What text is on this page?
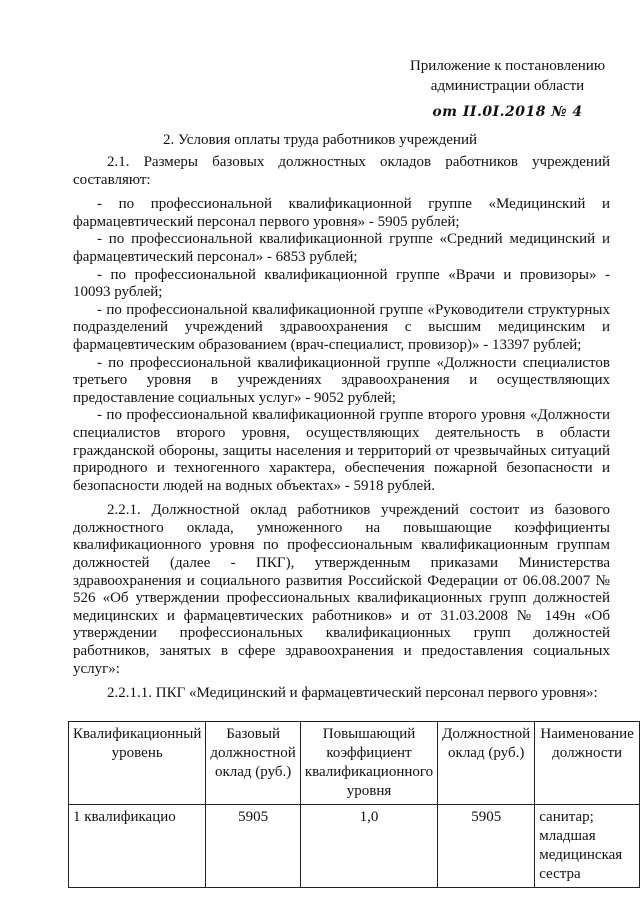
Приложение к постановлению
администрации области
от II.0I.2018 № 4
2. Условия оплаты труда работников учреждений

2.1. Размеры базовых должностных окладов работников учреждений составляют:

- по профессиональной квалификационной группе «Медицинский и фармацевтический персонал первого уровня» - 5905 рублей;

- по профессиональной квалификационной группе «Средний медицинский и фармацевтический персонал» - 6853 рублей;

- по профессиональной квалификационной группе «Врачи и провизоры» - 10093 рублей;

- по профессиональной квалификационной группе «Руководители структурных подразделений учреждений здравоохранения с высшим медицинским и фармацевтическим образованием (врач-специалист, провизор)» - 13397 рублей;

- по профессиональной квалификационной группе «Должности специалистов третьего уровня в учреждениях здравоохранения и осуществляющих предоставление социальных услуг» - 9052 рублей;

- по профессиональной квалификационной группе второго уровня «Должности специалистов второго уровня, осуществляющих деятельность в области гражданской обороны, защиты населения и территорий от чрезвычайных ситуаций природного и техногенного характера, обеспечения пожарной безопасности и безопасности людей на водных объектах» - 5918 рублей.

2.2.1. Должностной оклад работников учреждений состоит из базового должностного оклада, умноженного на повышающие коэффициенты квалификационного уровня по профессиональным квалификационным группам должностей (далее - ПКГ), утвержденным приказами Министерства здравоохранения и социального развития Российской Федерации от 06.08.2007 № 526 «Об утверждении профессиональных квалификационных групп должностей медицинских и фармацевтических работников» и от 31.03.2008 № 149н «Об утверждении профессиональных квалификационных групп должностей работников, занятых в сфере здравоохранения и предоставления социальных услуг»:

2.2.1.1. ПКГ «Медицинский и фармацевтический персонал первого уровня»:

Квалификационный уровень	Базовый должностной оклад (руб.)	Повышающий коэффициент квалификационного уровня	Должностной оклад (руб.)	Наименование должности
1 квалификацио	5905	1,0	5905	санитар; младшая медицинская сестра
